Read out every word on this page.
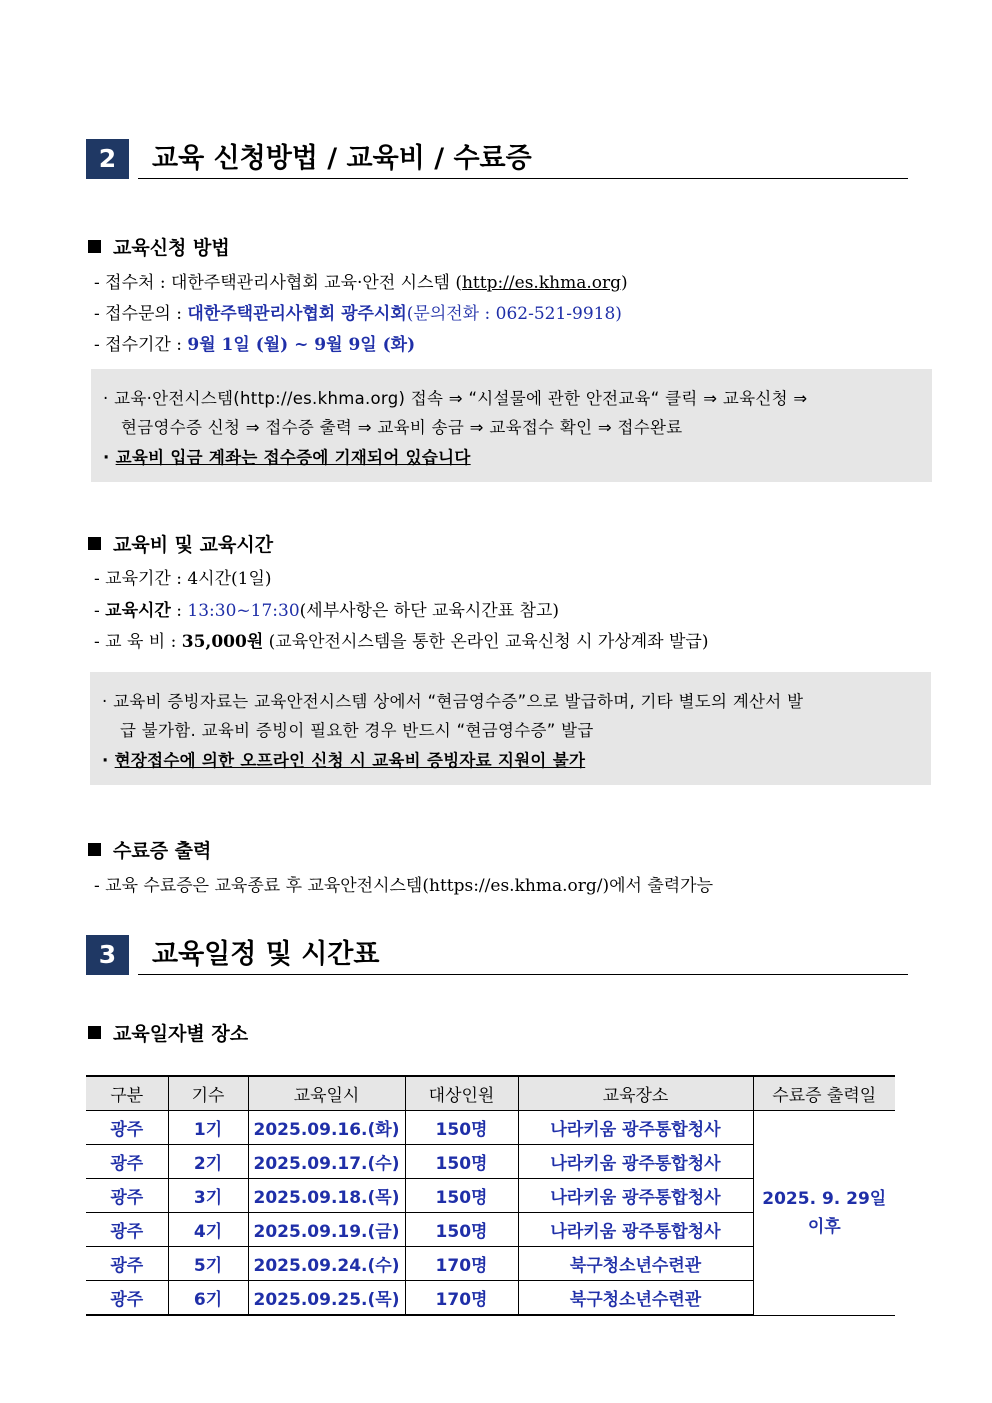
2	교육 신청방법 / 교육비 / 수료증
교육신청 방법
- 접수처 : 대한주택관리사협회 교육·안전 시스템 (http://es.khma.org)
- 접수문의 : 대한주택관리사협회 광주시회(문의전화 : 062-521-9918)
- 접수기간 : 9월 1일 (월) ~ 9월 9일 (화)
· 교육·안전시스템(http://es.khma.org) 접속 ⇒ “시설물에 관한 안전교육“ 클릭 ⇒ 교육신청 ⇒
현금영수증 신청 ⇒ 접수증 출력 ⇒ 교육비 송금 ⇒ 교육접수 확인 ⇒ 접수완료
· 교육비 입금 계좌는 접수증에 기재되어 있습니다
교육비 및 교육시간
- 교육기간 : 4시간(1일)
- 교육시간 : 13:30~17:30(세부사항은 하단 교육시간표 참고)
- 교 육 비 : 35,000원 (교육안전시스템을 통한 온라인 교육신청 시 가상계좌 발급)
· 교육비 증빙자료는 교육안전시스템 상에서 “현금영수증”으로 발급하며, 기타 별도의 계산서 발
급 불가함. 교육비 증빙이 필요한 경우 반드시 “현금영수증” 발급
· 현장접수에 의한 오프라인 신청 시 교육비 증빙자료 지원이 불가
수료증 출력
- 교육 수료증은 교육종료 후 교육안전시스템(https://es.khma.org/)에서 출력가능
3	교육일정 및 시간표
교육일자별 장소
구분	기수	교육일시	대상인원	교육장소	수료증 출력일
광주	1기	2025.09.16.(화)	150명	나라키움 광주통합청사	2025. 9. 29일
이후
광주	2기	2025.09.17.(수)	150명	나라키움 광주통합청사	
광주	3기	2025.09.18.(목)	150명	나라키움 광주통합청사	
광주	4기	2025.09.19.(금)	150명	나라키움 광주통합청사	
광주	5기	2025.09.24.(수)	170명	북구청소년수련관	
광주	6기	2025.09.25.(목)	170명	북구청소년수련관	
